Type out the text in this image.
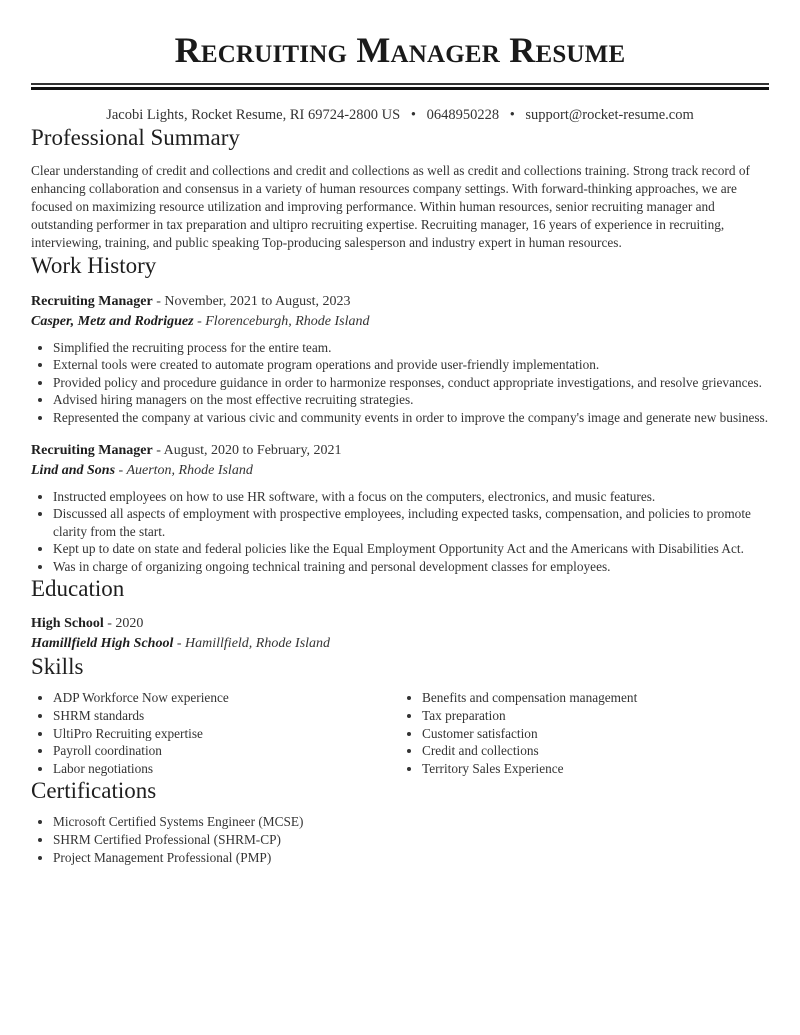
Recruiting Manager Resume
Jacobi Lights, Rocket Resume, RI 69724-2800 US • 0648950228 • support@rocket-resume.com
Professional Summary

Clear understanding of credit and collections and credit and collections as well as credit and collections training. Strong track record of enhancing collaboration and consensus in a variety of human resources company settings. With forward-thinking approaches, we are focused on maximizing resource utilization and improving performance. Within human resources, senior recruiting manager and outstanding performer in tax preparation and ultipro recruiting expertise. Recruiting manager, 16 years of experience in recruiting, interviewing, training, and public speaking Top-producing salesperson and industry expert in human resources.

Work History
Recruiting Manager - November, 2021 to August, 2023
Casper, Metz and Rodriguez - Florenceburgh, Rhode Island
• Simplified the recruiting process for the entire team.
• External tools were created to automate program operations and provide user-friendly implementation.
• Provided policy and procedure guidance in order to harmonize responses, conduct appropriate investigations, and resolve grievances.
• Advised hiring managers on the most effective recruiting strategies.
• Represented the company at various civic and community events in order to improve the company's image and generate new business.
Recruiting Manager - August, 2020 to February, 2021
Lind and Sons - Auerton, Rhode Island
• Instructed employees on how to use HR software, with a focus on the computers, electronics, and music features.
• Discussed all aspects of employment with prospective employees, including expected tasks, compensation, and policies to promote clarity from the start.
• Kept up to date on state and federal policies like the Equal Employment Opportunity Act and the Americans with Disabilities Act.
• Was in charge of organizing ongoing technical training and personal development classes for employees.
Education
High School - 2020
Hamillfield High School - Hamillfield, Rhode Island
Skills
• ADP Workforce Now experience
• SHRM standards
• UltiPro Recruiting expertise
• Payroll coordination
• Labor negotiations
• Benefits and compensation management
• Tax preparation
• Customer satisfaction
• Credit and collections
• Territory Sales Experience
Certifications
• Microsoft Certified Systems Engineer (MCSE)
• SHRM Certified Professional (SHRM-CP)
• Project Management Professional (PMP)
